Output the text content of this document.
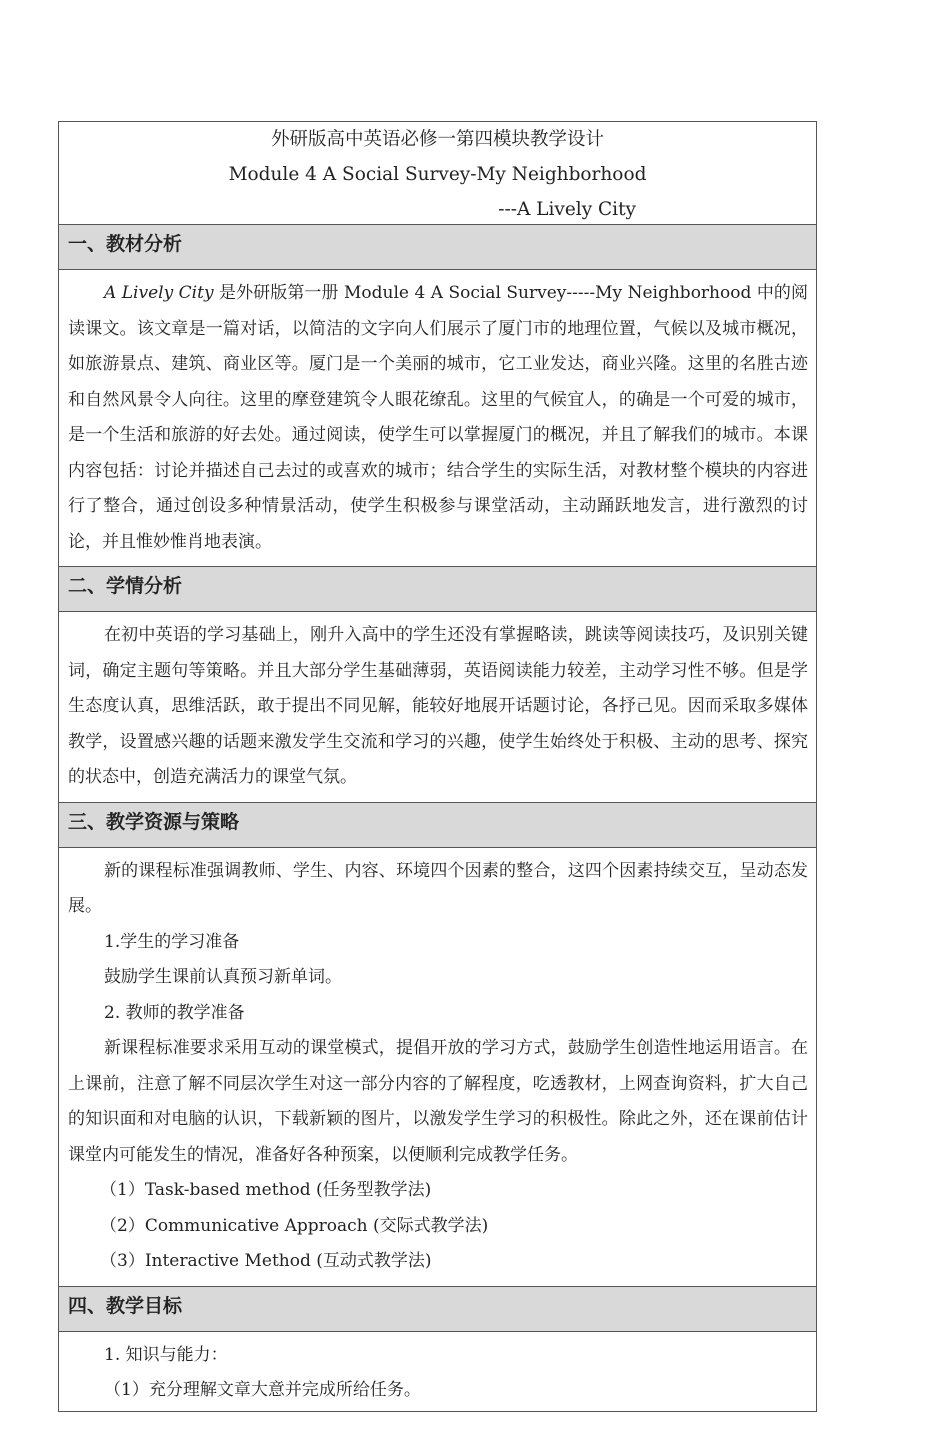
外研版高中英语必修一第四模块教学设计
Module 4 A Social Survey-My Neighborhood
---A Lively City
一、教材分析

A Lively City 是外研版第一册 Module 4 A Social Survey-----My Neighborhood 中的阅读课文。该文章是一篇对话，以简洁的文字向人们展示了厦门市的地理位置，气候以及城市概况，如旅游景点、建筑、商业区等。厦门是一个美丽的城市，它工业发达，商业兴隆。这里的名胜古迹和自然风景令人向往。这里的摩登建筑令人眼花缭乱。这里的气候宜人，的确是一个可爱的城市，是一个生活和旅游的好去处。通过阅读，使学生可以掌握厦门的概况，并且了解我们的城市。本课内容包括：讨论并描述自己去过的或喜欢的城市；结合学生的实际生活，对教材整个模块的内容进行了整合，通过创设多种情景活动，使学生积极参与课堂活动，主动踊跃地发言，进行激烈的讨论，并且惟妙惟肖地表演。

二、学情分析

在初中英语的学习基础上，刚升入高中的学生还没有掌握略读，跳读等阅读技巧，及识别关键词，确定主题句等策略。并且大部分学生基础薄弱，英语阅读能力较差，主动学习性不够。但是学生态度认真，思维活跃，敢于提出不同见解，能较好地展开话题讨论，各抒己见。因而采取多媒体教学，设置感兴趣的话题来激发学生交流和学习的兴趣，使学生始终处于积极、主动的思考、探究的状态中，创造充满活力的课堂气氛。

三、教学资源与策略

新的课程标准强调教师、学生、内容、环境四个因素的整合，这四个因素持续交互，呈动态发展。

1.学生的学习准备

鼓励学生课前认真预习新单词。

2. 教师的教学准备

新课程标准要求采用互动的课堂模式，提倡开放的学习方式，鼓励学生创造性地运用语言。在上课前，注意了解不同层次学生对这一部分内容的了解程度，吃透教材，上网查询资料，扩大自己的知识面和对电脑的认识，下载新颖的图片，以激发学生学习的积极性。除此之外，还在课前估计课堂内可能发生的情况，准备好各种预案，以便顺利完成教学任务。

（1）Task-based method (任务型教学法)

（2）Communicative Approach (交际式教学法)

（3）Interactive Method (互动式教学法)

四、教学目标

1. 知识与能力：

（1）充分理解文章大意并完成所给任务。
